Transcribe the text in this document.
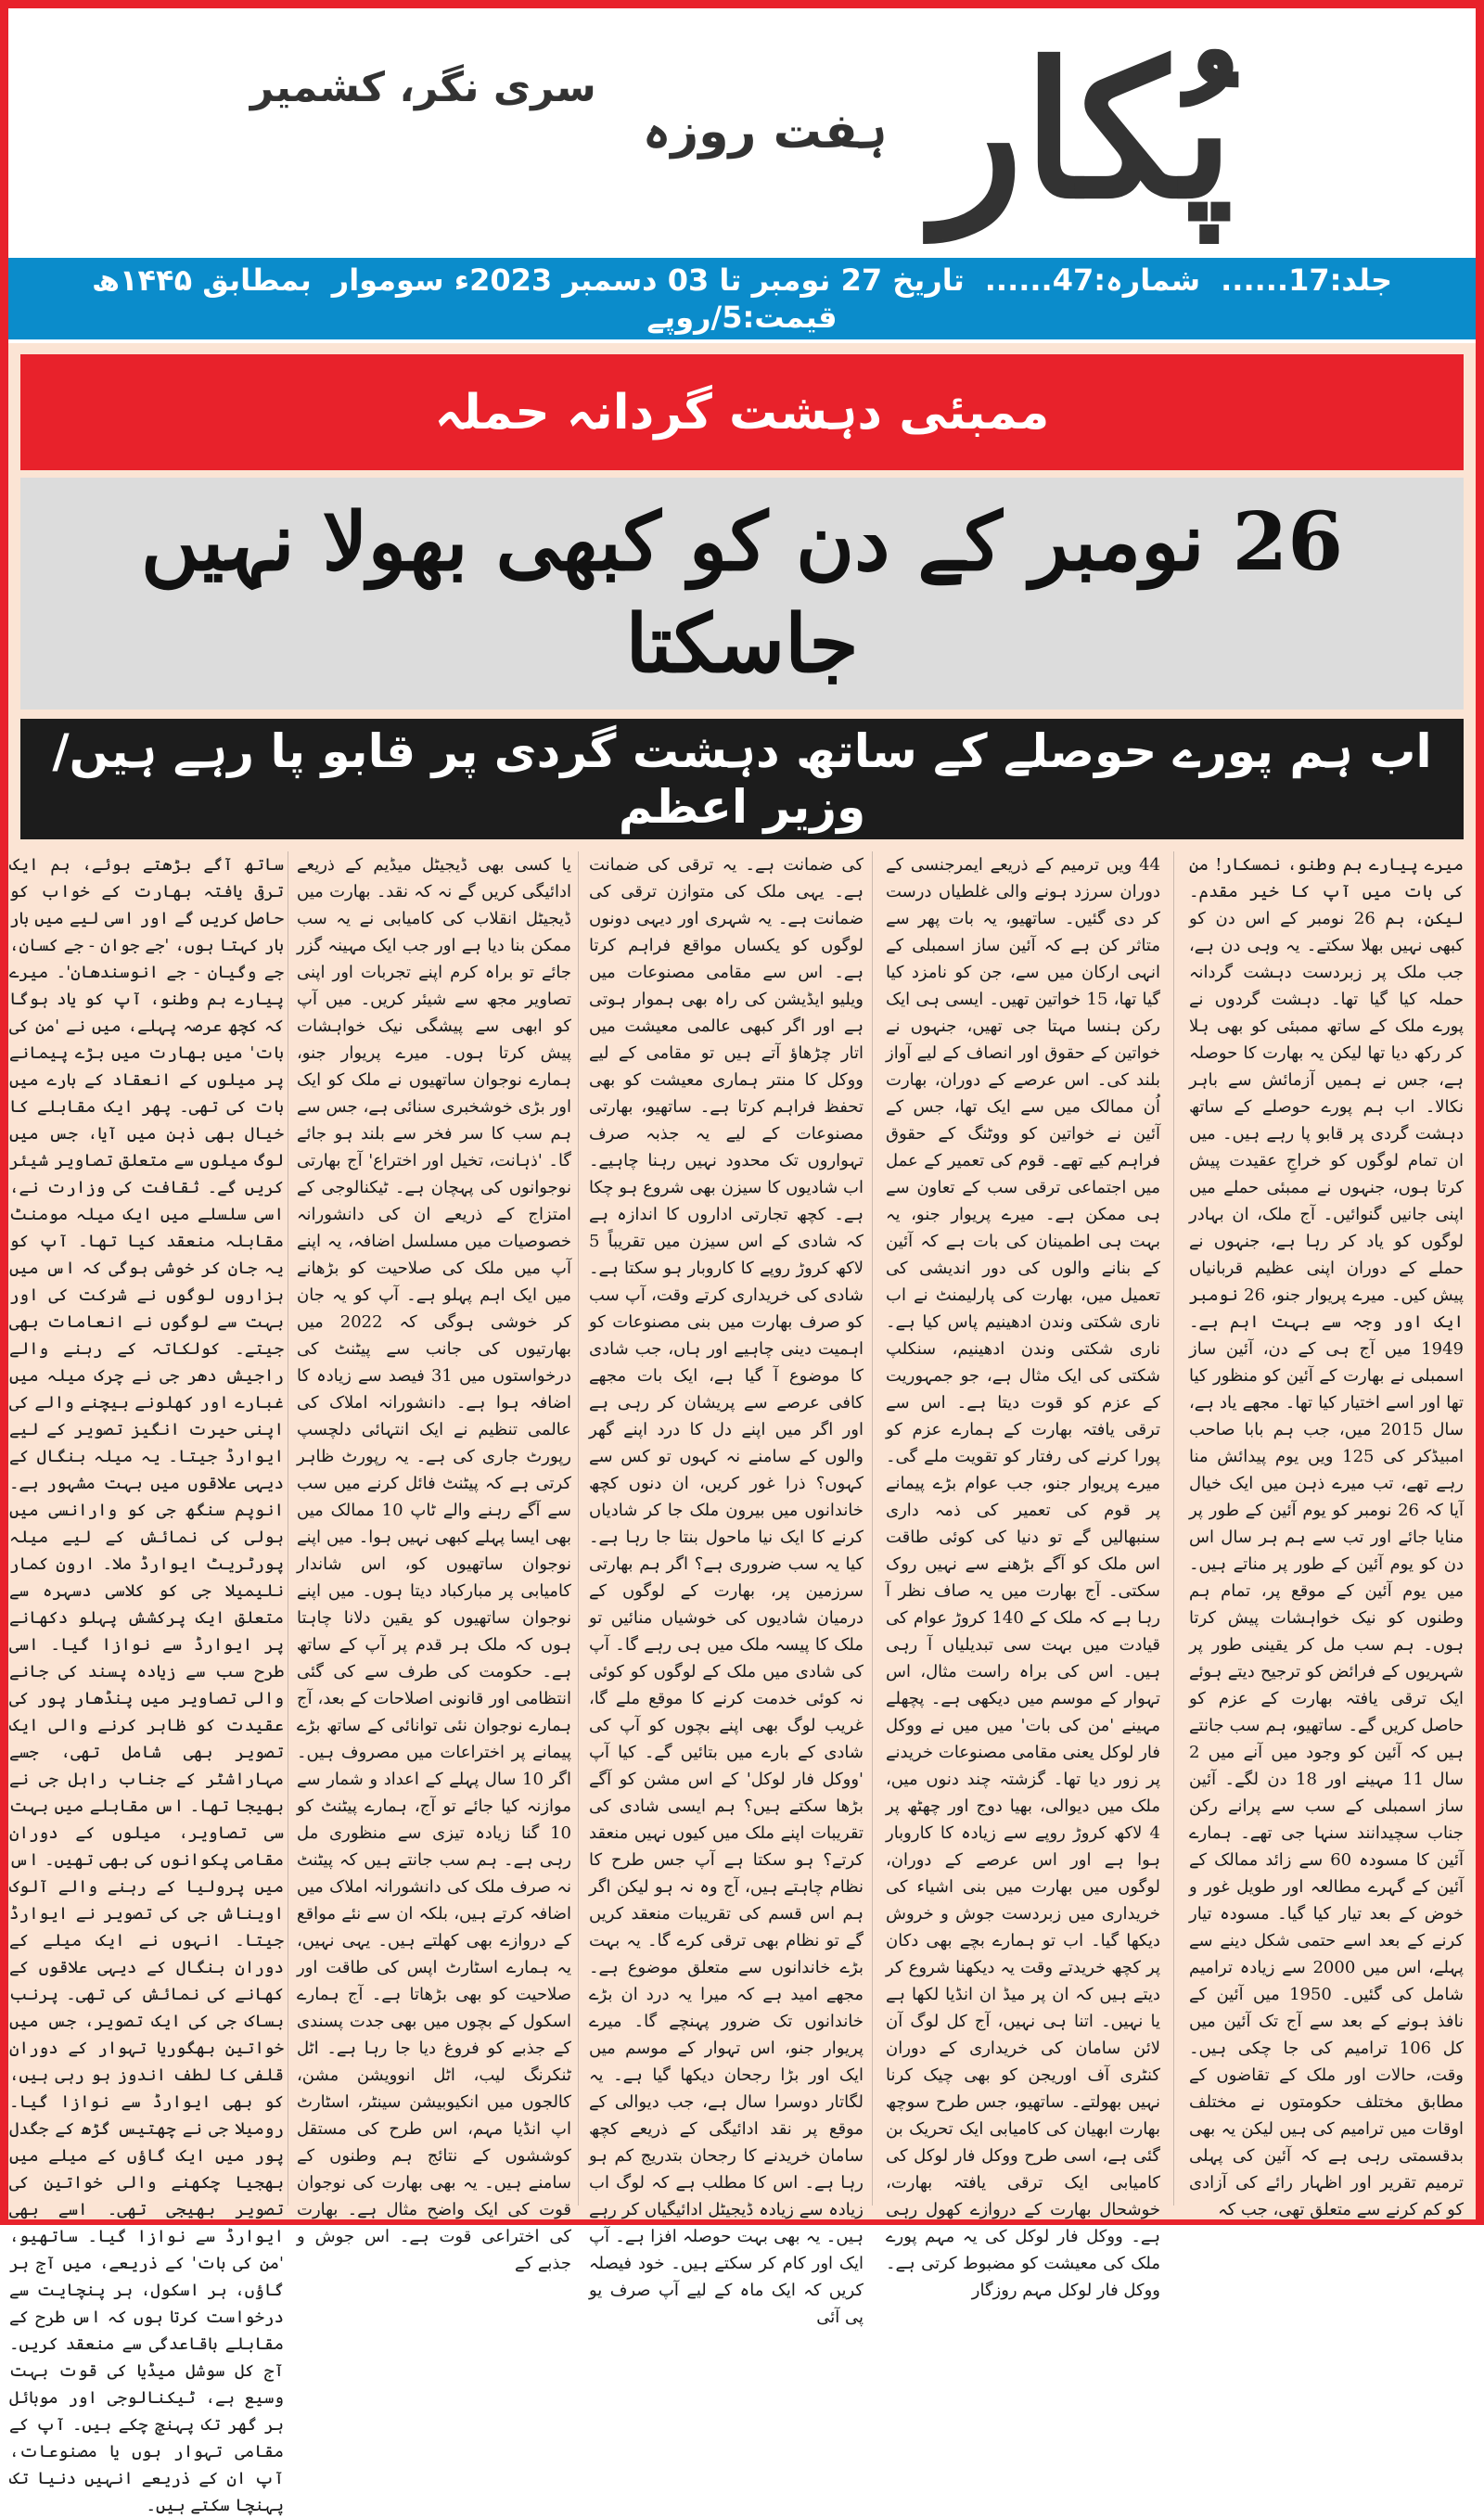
پُکار
ہفت روزہ
سری نگر، کشمیر
جلد:17......
شمارہ:47......
تاریخ 27 نومبر تا 03 دسمبر 2023ء سوموار
بمطابق ۱۴۴۵ھ
قیمت:5/روپے
ممبئی دہشت گردانہ حملہ
26 نومبر کے دن کو کبھی بھولا نہیں جاسکتا
اب ہم پورے حوصلے کے ساتھ دہشت گردی پر قابو پا رہے ہیں/ وزیر اعظم
میرے پیارے ہم وطنو، نمسکار! من کی بات میں آپ کا خیر مقدم۔ لیکن، ہم 26 نومبر کے اس دن کو کبھی نہیں بھلا سکتے۔ یہ وہی دن ہے، جب ملک پر زبردست دہشت گردانہ حملہ کیا گیا تھا۔ دہشت گردوں نے پورے ملک کے ساتھ ممبئی کو بھی ہلا کر رکھ دیا تھا لیکن یہ بھارت کا حوصلہ ہے، جس نے ہمیں آزمائش سے باہر نکالا۔ اب ہم پورے حوصلے کے ساتھ دہشت گردی پر قابو پا رہے ہیں۔ میں ان تمام لوگوں کو خراجِ عقیدت پیش کرتا ہوں، جنہوں نے ممبئی حملے میں اپنی جانیں گنوائیں۔ آج ملک، ان بہادر لوگوں کو یاد کر رہا ہے، جنہوں نے حملے کے دوران اپنی عظیم قربانیاں پیش کیں۔ میرے پریوار جنو، 26 نومبر ایک اور وجہ سے بہت اہم ہے۔ 1949 میں آج ہی کے دن، آئین ساز اسمبلی نے بھارت کے آئین کو منظور کیا تھا اور اسے اختیار کیا تھا۔ مجھے یاد ہے، سال 2015 میں، جب ہم بابا صاحب امبیڈکر کی 125 ویں یوم پیدائش منا رہے تھے، تب میرے ذہن میں ایک خیال آیا کہ 26 نومبر کو یوم آئین کے طور پر منایا جائے اور تب سے ہم ہر سال اس دن کو یوم آئین کے طور پر مناتے ہیں۔ میں یوم آئین کے موقع پر، تمام ہم وطنوں کو نیک خواہشات پیش کرتا ہوں۔ ہم سب مل کر یقینی طور پر شہریوں کے فرائض کو ترجیح دیتے ہوئے ایک ترقی یافتہ بھارت کے عزم کو حاصل کریں گے۔ ساتھیو، ہم سب جانتے ہیں کہ آئین کو وجود میں آنے میں 2 سال 11 مہینے اور 18 دن لگے۔ آئین ساز اسمبلی کے سب سے پرانے رکن جناب سچیدانند سنہا جی تھے۔ ہمارے آئین کا مسودہ 60 سے زائد ممالک کے آئین کے گہرے مطالعہ اور طویل غور و خوض کے بعد تیار کیا گیا۔ مسودہ تیار کرنے کے بعد اسے حتمی شکل دینے سے پہلے، اس میں 2000 سے زیادہ ترامیم شامل کی گئیں۔ 1950 میں آئین کے نافذ ہونے کے بعد سے آج تک آئین میں کل 106 ترامیم کی جا چکی ہیں۔ وقت، حالات اور ملک کے تقاضوں کے مطابق مختلف حکومتوں نے مختلف اوقات میں ترامیم کی ہیں لیکن یہ بھی بدقسمتی رہی ہے کہ آئین کی پہلی ترمیم تقریر اور اظہار رائے کی آزادی کو کم کرنے سے متعلق تھی، جب کہ
44 ویں ترمیم کے ذریعے ایمرجنسی کے دوران سرزد ہونے والی غلطیاں درست کر دی گئیں۔ ساتھیو، یہ بات پھر سے متاثر کن ہے کہ آئین ساز اسمبلی کے انہی ارکان میں سے، جن کو نامزد کیا گیا تھا، 15 خواتین تھیں۔ ایسی ہی ایک رکن ہنسا مہتا جی تھیں، جنہوں نے خواتین کے حقوق اور انصاف کے لیے آواز بلند کی۔ اس عرصے کے دوران، بھارت اُن ممالک میں سے ایک تھا، جس کے آئین نے خواتین کو ووٹنگ کے حقوق فراہم کیے تھے۔ قوم کی تعمیر کے عمل میں اجتماعی ترقی سب کے تعاون سے ہی ممکن ہے۔ میرے پریوار جنو، یہ بہت ہی اطمینان کی بات ہے کہ آئین کے بنانے والوں کی دور اندیشی کی تعمیل میں، بھارت کی پارلیمنٹ نے اب ناری شکتی وندن ادھینیم پاس کیا ہے۔ ناری شکتی وندن ادھینیم، سنکلپ شکتی کی ایک مثال ہے، جو جمہوریت کے عزم کو قوت دیتا ہے۔ اس سے ترقی یافتہ بھارت کے ہمارے عزم کو پورا کرنے کی رفتار کو تقویت ملے گی۔ میرے پریوار جنو، جب عوام بڑے پیمانے پر قوم کی تعمیر کی ذمہ داری سنبھالیں گے تو دنیا کی کوئی طاقت اس ملک کو آگے بڑھنے سے نہیں روک سکتی۔ آج بھارت میں یہ صاف نظر آ رہا ہے کہ ملک کے 140 کروڑ عوام کی قیادت میں بہت سی تبدیلیاں آ رہی ہیں۔ اس کی براہ راست مثال، اس تہوار کے موسم میں دیکھی ہے۔ پچھلے مہینے 'من کی بات' میں میں نے ووکل فار لوکل یعنی مقامی مصنوعات خریدنے پر زور دیا تھا۔ گزشتہ چند دنوں میں، ملک میں دیوالی، بھیا دوج اور چھٹھ پر 4 لاکھ کروڑ روپے سے زیادہ کا کاروبار ہوا ہے اور اس عرصے کے دوران، لوگوں میں بھارت میں بنی اشیاء کی خریداری میں زبردست جوش و خروش دیکھا گیا۔ اب تو ہمارے بچے بھی دکان پر کچھ خریدتے وقت یہ دیکھنا شروع کر دیتے ہیں کہ ان پر میڈ ان انڈیا لکھا ہے یا نہیں۔ اتنا ہی نہیں، آج کل لوگ آن لائن سامان کی خریداری کے دوران کنٹری آف اوریجن کو بھی چیک کرنا نہیں بھولتے۔ ساتھیو، جس طرح سوچھ بھارت ابھیان کی کامیابی ایک تحریک بن گئی ہے، اسی طرح ووکل فار لوکل کی کامیابی ایک ترقی یافتہ بھارت، خوشحال بھارت کے دروازے کھول رہی ہے۔ ووکل فار لوکل کی یہ مہم پورے ملک کی معیشت کو مضبوط کرتی ہے۔ ووکل فار لوکل مہم روزگار
کی ضمانت ہے۔ یہ ترقی کی ضمانت ہے۔ یہی ملک کی متوازن ترقی کی ضمانت ہے۔ یہ شہری اور دیہی دونوں لوگوں کو یکساں مواقع فراہم کرتا ہے۔ اس سے مقامی مصنوعات میں ویلیو ایڈیشن کی راہ بھی ہموار ہوتی ہے اور اگر کبھی عالمی معیشت میں اتار چڑھاؤ آتے ہیں تو مقامی کے لیے ووکل کا منتر ہماری معیشت کو بھی تحفظ فراہم کرتا ہے۔ ساتھیو، بھارتی مصنوعات کے لیے یہ جذبہ صرف تہواروں تک محدود نہیں رہنا چاہیے۔ اب شادیوں کا سیزن بھی شروع ہو چکا ہے۔ کچھ تجارتی اداروں کا اندازہ ہے کہ شادی کے اس سیزن میں تقریباً 5 لاکھ کروڑ روپے کا کاروبار ہو سکتا ہے۔ شادی کی خریداری کرتے وقت، آپ سب کو صرف بھارت میں بنی مصنوعات کو اہمیت دینی چاہیے اور ہاں، جب شادی کا موضوع آ گیا ہے، ایک بات مجھے کافی عرصے سے پریشان کر رہی ہے اور اگر میں اپنے دل کا درد اپنے گھر والوں کے سامنے نہ کہوں تو کس سے کہوں؟ ذرا غور کریں، ان دنوں کچھ خاندانوں میں بیرون ملک جا کر شادیاں کرنے کا ایک نیا ماحول بنتا جا رہا ہے۔ کیا یہ سب ضروری ہے؟ اگر ہم بھارتی سرزمین پر، بھارت کے لوگوں کے درمیان شادیوں کی خوشیاں منائیں تو ملک کا پیسہ ملک میں ہی رہے گا۔ آپ کی شادی میں ملک کے لوگوں کو کوئی نہ کوئی خدمت کرنے کا موقع ملے گا، غریب لوگ بھی اپنے بچوں کو آپ کی شادی کے بارے میں بتائیں گے۔ کیا آپ 'ووکل فار لوکل' کے اس مشن کو آگے بڑھا سکتے ہیں؟ ہم ایسی شادی کی تقریبات اپنے ملک میں کیوں نہیں منعقد کرتے؟ ہو سکتا ہے آپ جس طرح کا نظام چاہتے ہیں، آج وہ نہ ہو لیکن اگر ہم اس قسم کی تقریبات منعقد کریں گے تو نظام بھی ترقی کرے گا۔ یہ بہت بڑے خاندانوں سے متعلق موضوع ہے۔ مجھے امید ہے کہ میرا یہ درد ان بڑے خاندانوں تک ضرور پہنچے گا۔ میرے پریوار جنو، اس تہوار کے موسم میں ایک اور بڑا رجحان دیکھا گیا ہے۔ یہ لگاتار دوسرا سال ہے، جب دیوالی کے موقع پر نقد ادائیگی کے ذریعے کچھ سامان خریدنے کا رجحان بتدریج کم ہو رہا ہے۔ اس کا مطلب ہے کہ لوگ اب زیادہ سے زیادہ ڈیجیٹل ادائیگیاں کر رہے ہیں۔ یہ بھی بہت حوصلہ افزا ہے۔ آپ ایک اور کام کر سکتے ہیں۔ خود فیصلہ کریں کہ ایک ماہ کے لیے آپ صرف یو پی آئی
یا کسی بھی ڈیجیٹل میڈیم کے ذریعے ادائیگی کریں گے نہ کہ نقد۔ بھارت میں ڈیجیٹل انقلاب کی کامیابی نے یہ سب ممکن بنا دیا ہے اور جب ایک مہینہ گزر جائے تو براہ کرم اپنے تجربات اور اپنی تصاویر مجھ سے شیئر کریں۔ میں آپ کو ابھی سے پیشگی نیک خواہشات پیش کرتا ہوں۔ میرے پریوار جنو، ہمارے نوجوان ساتھیوں نے ملک کو ایک اور بڑی خوشخبری سنائی ہے، جس سے ہم سب کا سر فخر سے بلند ہو جائے گا۔ 'ذہانت، تخیل اور اختراع' آج بھارتی نوجوانوں کی پہچان ہے۔ ٹیکنالوجی کے امتزاج کے ذریعے ان کی دانشورانہ خصوصیات میں مسلسل اضافہ، یہ اپنے آپ میں ملک کی صلاحیت کو بڑھانے میں ایک اہم پہلو ہے۔ آپ کو یہ جان کر خوشی ہوگی کہ 2022 میں بھارتیوں کی جانب سے پیٹنٹ کی درخواستوں میں 31 فیصد سے زیادہ کا اضافہ ہوا ہے۔ دانشورانہ املاک کی عالمی تنظیم نے ایک انتہائی دلچسپ رپورٹ جاری کی ہے۔ یہ رپورٹ ظاہر کرتی ہے کہ پیٹنٹ فائل کرنے میں سب سے آگے رہنے والے ٹاپ 10 ممالک میں بھی ایسا پہلے کبھی نہیں ہوا۔ میں اپنے نوجوان ساتھیوں کو، اس شاندار کامیابی پر مبارکباد دیتا ہوں۔ میں اپنے نوجوان ساتھیوں کو یقین دلانا چاہتا ہوں کہ ملک ہر قدم پر آپ کے ساتھ ہے۔ حکومت کی طرف سے کی گئی انتظامی اور قانونی اصلاحات کے بعد، آج ہمارے نوجوان نئی توانائی کے ساتھ بڑے پیمانے پر اختراعات میں مصروف ہیں۔ اگر 10 سال پہلے کے اعداد و شمار سے موازنہ کیا جائے تو آج، ہمارے پیٹنٹ کو 10 گنا زیادہ تیزی سے منظوری مل رہی ہے۔ ہم سب جانتے ہیں کہ پیٹنٹ نہ صرف ملک کی دانشورانہ املاک میں اضافہ کرتے ہیں، بلکہ ان سے نئے مواقع کے دروازے بھی کھلتے ہیں۔ یہی نہیں، یہ ہمارے اسٹارٹ اپس کی طاقت اور صلاحیت کو بھی بڑھاتا ہے۔ آج ہمارے اسکول کے بچوں میں بھی جدت پسندی کے جذبے کو فروغ دیا جا رہا ہے۔ اٹل ٹنکرنگ لیب، اٹل انوویشن مشن، کالجوں میں انکیوبیشن سینٹر، اسٹارٹ اپ انڈیا مہم، اس طرح کی مستقل کوششوں کے نتائج ہم وطنوں کے سامنے ہیں۔ یہ بھی بھارت کی نوجوان قوت کی ایک واضح مثال ہے۔ بھارت کی اختراعی قوت ہے۔ اس جوش و جذبے کے
ساتھ آگے بڑھتے ہوئے، ہم ایک ترقی یافتہ بھارت کے خواب کو حاصل کریں گے اور اسی لیے میں بار بار کہتا ہوں، 'جے جوان - جے کسان، جے وگیان - جے انوسندھان'۔ میرے پیارے ہم وطنو، آپ کو یاد ہوگا کہ کچھ عرصہ پہلے، میں نے 'من کی بات' میں بھارت میں بڑے پیمانے پر میلوں کے انعقاد کے بارے میں بات کی تھی۔ پھر ایک مقابلے کا خیال بھی ذہن میں آیا، جس میں لوگ میلوں سے متعلق تصاویر شیئر کریں گے۔ ثقافت کی وزارت نے، اسی سلسلے میں ایک میلہ مومنٹ مقابلہ منعقد کیا تھا۔ آپ کو یہ جان کر خوشی ہوگی کہ اس میں ہزاروں لوگوں نے شرکت کی اور بہت سے لوگوں نے انعامات بھی جیتے۔ کولکاتہ کے رہنے والے راجیش دھر جی نے چرک میلہ میں غبارے اور کھلونے بیچنے والے کی اپنی حیرت انگیز تصویر کے لیے ایوارڈ جیتا۔ یہ میلہ بنگال کے دیہی علاقوں میں بہت مشہور ہے۔ انوپم سنگھ جی کو وارانسی میں ہولی کی نمائش کے لیے میلہ پورٹریٹ ایوارڈ ملا۔ ارون کمار نلیمیلا جی کو کلاسی دسہرہ سے متعلق ایک پرکشش پہلو دکھانے پر ایوارڈ سے نوازا گیا۔ اسی طرح سب سے زیادہ پسند کی جانے والی تصاویر میں پنڈھار پور کی عقیدت کو ظاہر کرنے والی ایک تصویر بھی شامل تھی، جسے مہاراشٹر کے جناب راہل جی نے بھیجا تھا۔ اس مقابلے میں بہت سی تصاویر، میلوں کے دوران مقامی پکوانوں کی بھی تھیں۔ اس میں پرولیا کے رہنے والے آلوک اویناش جی کی تصویر نے ایوارڈ جیتا۔ انہوں نے ایک میلے کے دوران بنگال کے دیہی علاقوں کے کھانے کی نمائش کی تھی۔ پرنب بساک جی کی ایک تصویر، جس میں خواتین بھگوریا تہوار کے دوران قلفی کا لطف اندوز ہو رہی ہیں، کو بھی ایوارڈ سے نوازا گیا۔ رومیلا جی نے چھتیس گڑھ کے جگدل پور میں ایک گاؤں کے میلے میں بھجیا چکھنے والی خواتین کی تصویر بھیجی تھی۔ اسے بھی ایوارڈ سے نوازا گیا۔ ساتھیو، 'من کی بات' کے ذریعے، میں آج ہر گاؤں، ہر اسکول، ہر پنچایت سے درخواست کرتا ہوں کہ اس طرح کے مقابلے باقاعدگی سے منعقد کریں۔ آج کل سوشل میڈیا کی قوت بہت وسیع ہے، ٹیکنالوجی اور موبائل ہر گھر تک پہنچ چکے ہیں۔ آپ کے مقامی تہوار ہوں یا مصنوعات، آپ ان کے ذریعے انہیں دنیا تک پہنچا سکتے ہیں۔
